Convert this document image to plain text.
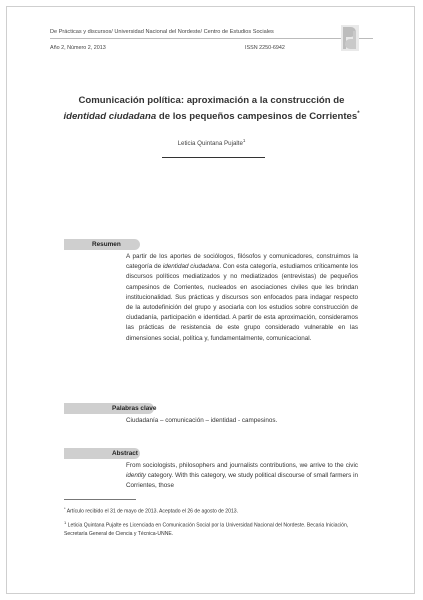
De Prácticas y discursos/ Universidad Nacional del Nordeste/ Centro de Estudios Sociales
Año 2, Número 2, 2013	ISSN 2250-6942
Comunicación política: aproximación a la construcción de
identidad ciudadana de los pequeños campesinos de Corrientes*
Leticia Quintana Pujalte$^1$
Resumen
A partir de los aportes de sociólogos, filósofos y comunicadores, construimos la categoría de identidad ciudadana. Con esta categoría, estudiamos críticamente los discursos políticos mediatizados y no mediatizados (entrevistas) de pequeños campesinos de Corrientes, nucleados en asociaciones civiles que les brindan institucionalidad. Sus prácticas y discursos son enfocados para indagar respecto de la autodefinición del grupo y asociarla con los estudios sobre construcción de ciudadanía, participación e identidad. A partir de esta aproximación, consideramos las prácticas de resistencia de este grupo considerado vulnerable en las dimensiones social, política y, fundamentalmente, comunicacional.
Palabras clave
Ciudadanía – comunicación – identidad - campesinos.
Abstract
From sociologists, philosophers and journalists contributions, we arrive to the civic identity category. With this category, we study political discourse of small farmers in Corrientes, those
* Artículo recibido el 31 de mayo de 2013. Aceptado el 26 de agosto de 2013.
$^1$ Leticia Quintana Pujalte es Licenciada en Comunicación Social por la Universidad Nacional del Nordeste. Becaria Iniciación, Secretaría General de Ciencia y Técnica-UNNE.
